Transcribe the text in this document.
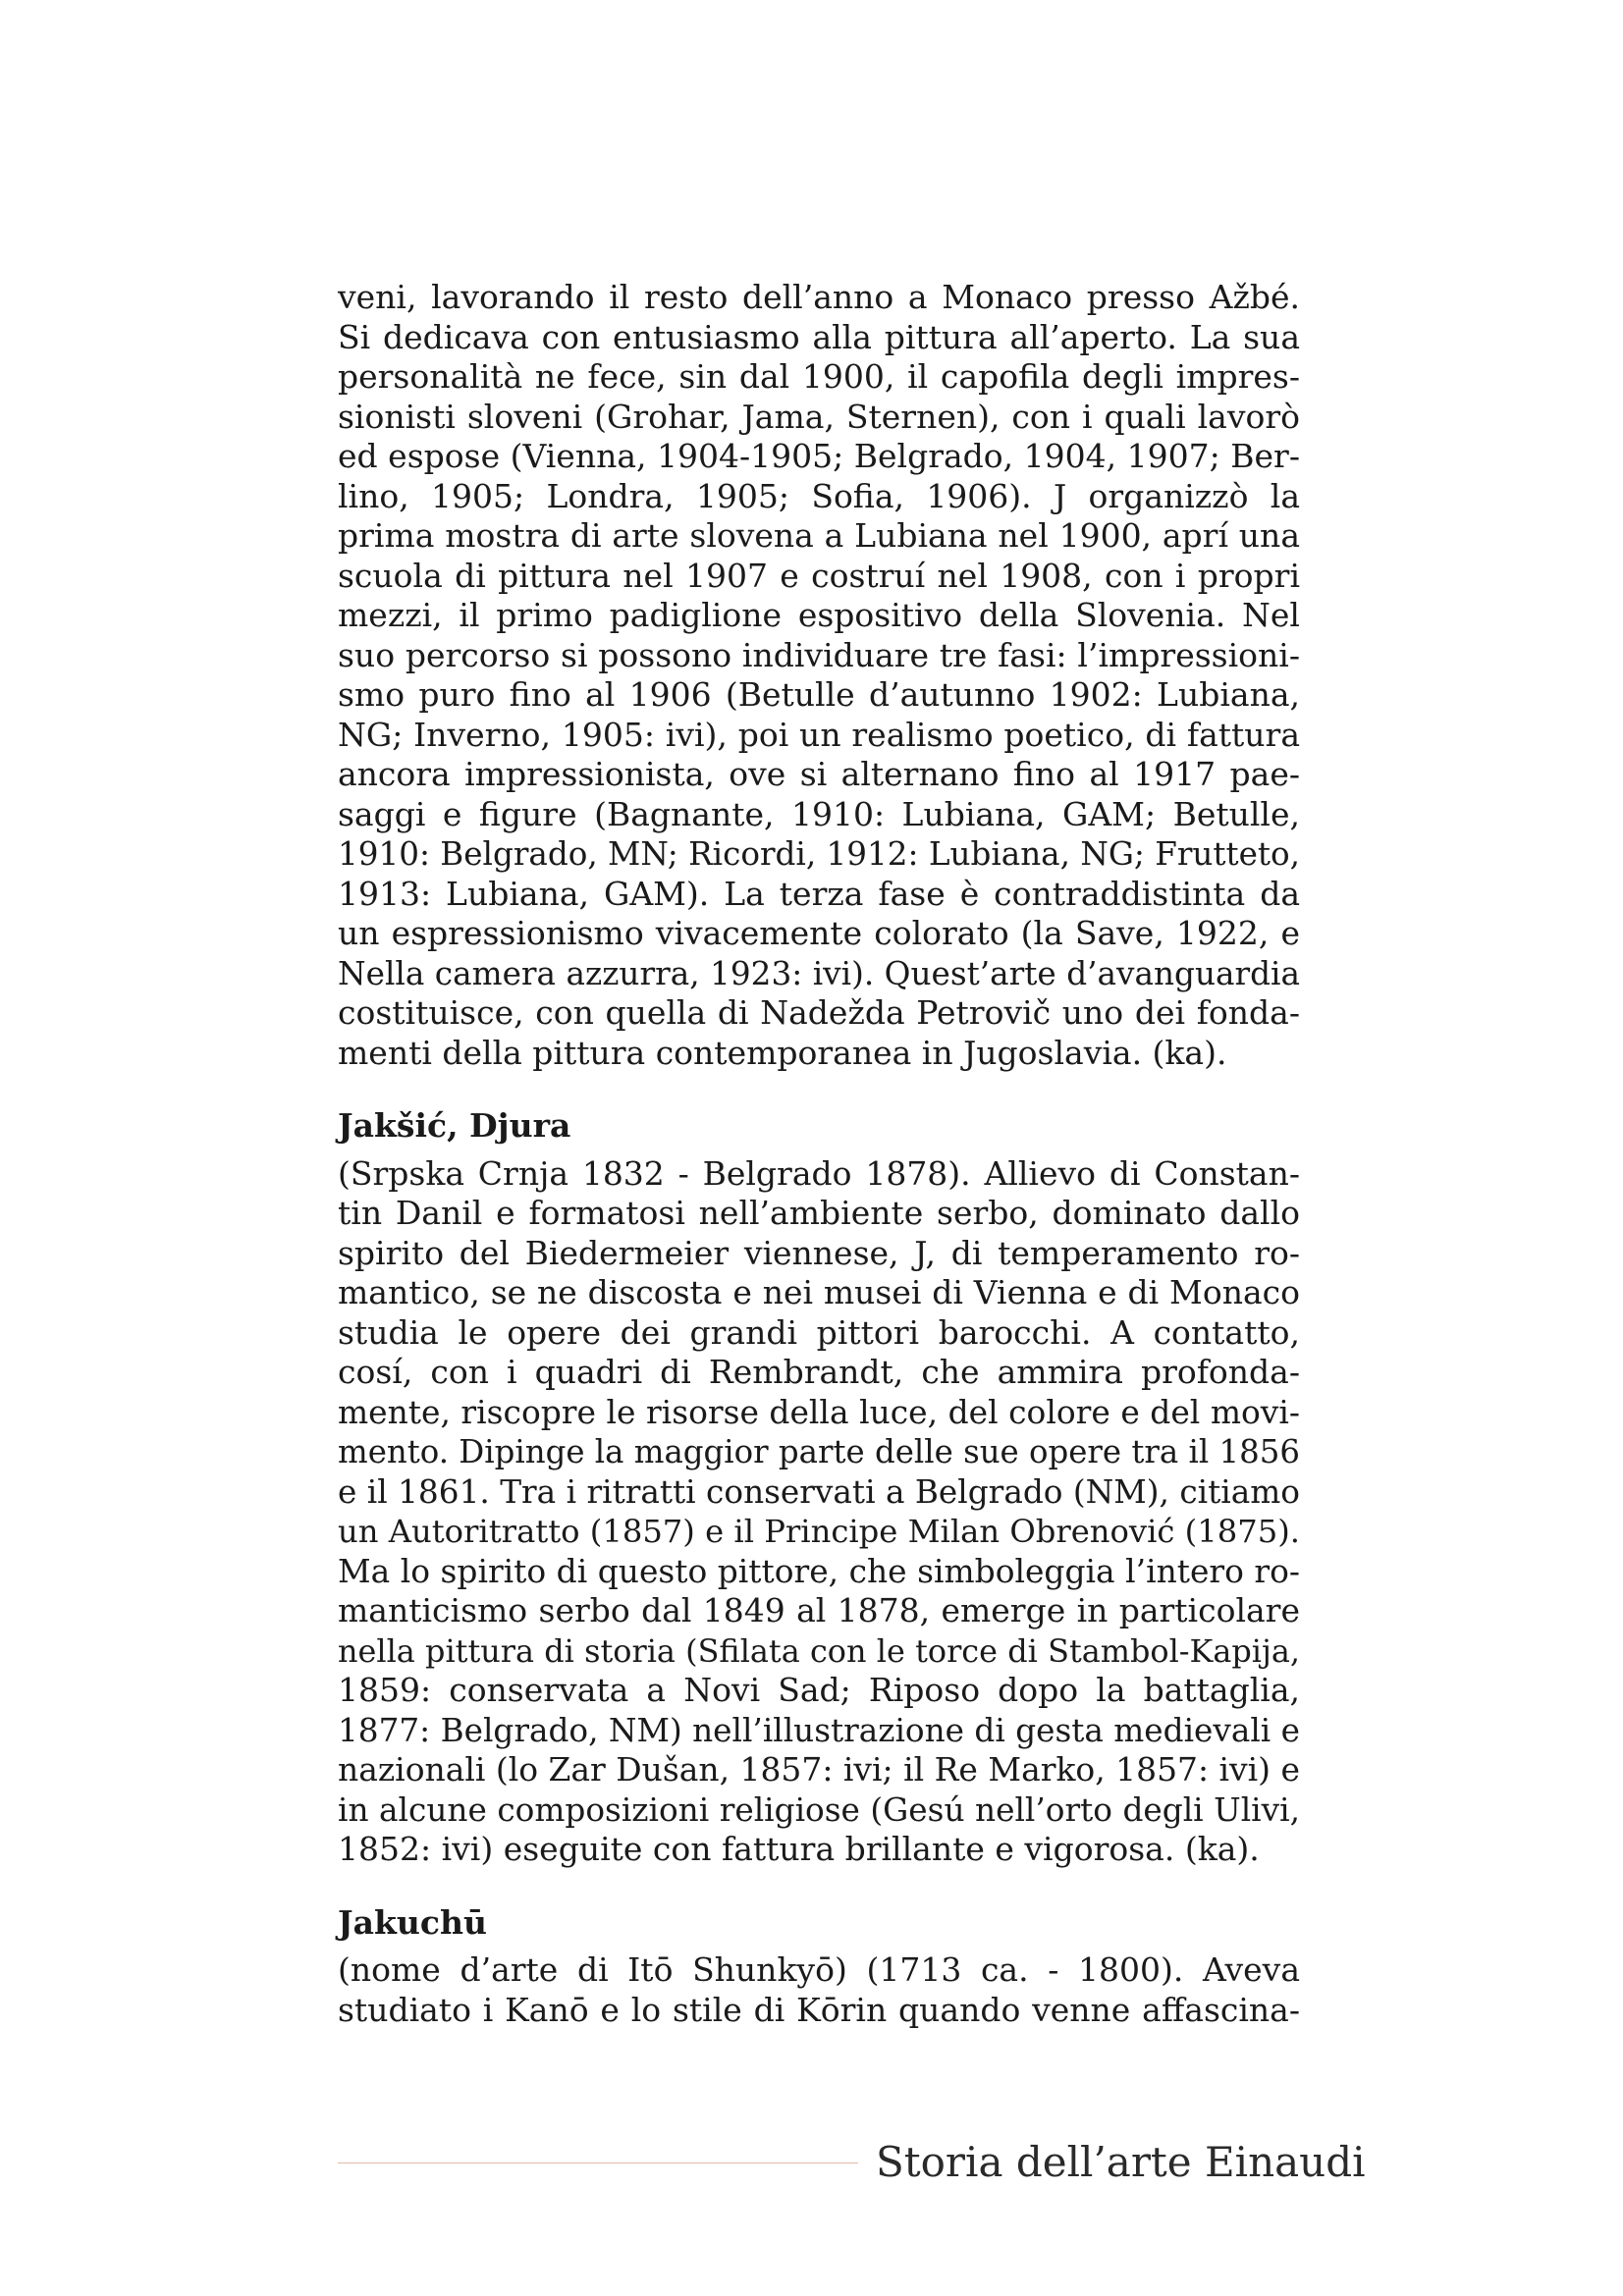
veni, lavorando il resto dell’anno a Monaco presso Ažbé.
Si dedicava con entusiasmo alla pittura all’aperto. La sua
personalità ne fece, sin dal 1900, il capofila degli impres-
sionisti sloveni (Grohar, Jama, Sternen), con i quali lavorò
ed espose (Vienna, 1904-1905; Belgrado, 1904, 1907; Ber-
lino, 1905; Londra, 1905; Sofia, 1906). J organizzò la
prima mostra di arte slovena a Lubiana nel 1900, aprí una
scuola di pittura nel 1907 e costruí nel 1908, con i propri
mezzi, il primo padiglione espositivo della Slovenia. Nel
suo percorso si possono individuare tre fasi: l’impressioni-
smo puro fino al 1906 (Betulle d’autunno 1902: Lubiana,
NG; Inverno, 1905: ivi), poi un realismo poetico, di fattura
ancora impressionista, ove si alternano fino al 1917 pae-
saggi e figure (Bagnante, 1910: Lubiana, GAM; Betulle,
1910: Belgrado, MN; Ricordi, 1912: Lubiana, NG; Frutteto,
1913: Lubiana, GAM). La terza fase è contraddistinta da
un espressionismo vivacemente colorato (la Save, 1922, e
Nella camera azzurra, 1923: ivi). Quest’arte d’avanguardia
costituisce, con quella di Nadežda Petrovič uno dei fonda-
menti della pittura contemporanea in Jugoslavia. (ka).
Jakšić, Djura
(Srpska Crnja 1832 - Belgrado 1878). Allievo di Constan-
tin Danil e formatosi nell’ambiente serbo, dominato dallo
spirito del Biedermeier viennese, J, di temperamento ro-
mantico, se ne discosta e nei musei di Vienna e di Monaco
studia le opere dei grandi pittori barocchi. A contatto,
cosí, con i quadri di Rembrandt, che ammira profonda-
mente, riscopre le risorse della luce, del colore e del movi-
mento. Dipinge la maggior parte delle sue opere tra il 1856
e il 1861. Tra i ritratti conservati a Belgrado (NM), citiamo
un Autoritratto (1857) e il Principe Milan Obrenović (1875).
Ma lo spirito di questo pittore, che simboleggia l’intero ro-
manticismo serbo dal 1849 al 1878, emerge in particolare
nella pittura di storia (Sfilata con le torce di Stambol-Kapija,
1859: conservata a Novi Sad; Riposo dopo la battaglia,
1877: Belgrado, NM) nell’illustrazione di gesta medievali e
nazionali (lo Zar Dušan, 1857: ivi; il Re Marko, 1857: ivi) e
in alcune composizioni religiose (Gesú nell’orto degli Ulivi,
1852: ivi) eseguite con fattura brillante e vigorosa. (ka).
Jakuchū
(nome d’arte di Itō Shunkyō) (1713 ca. - 1800). Aveva
studiato i Kanō e lo stile di Kōrin quando venne affascina-
Storia dell’arte Einaudi
